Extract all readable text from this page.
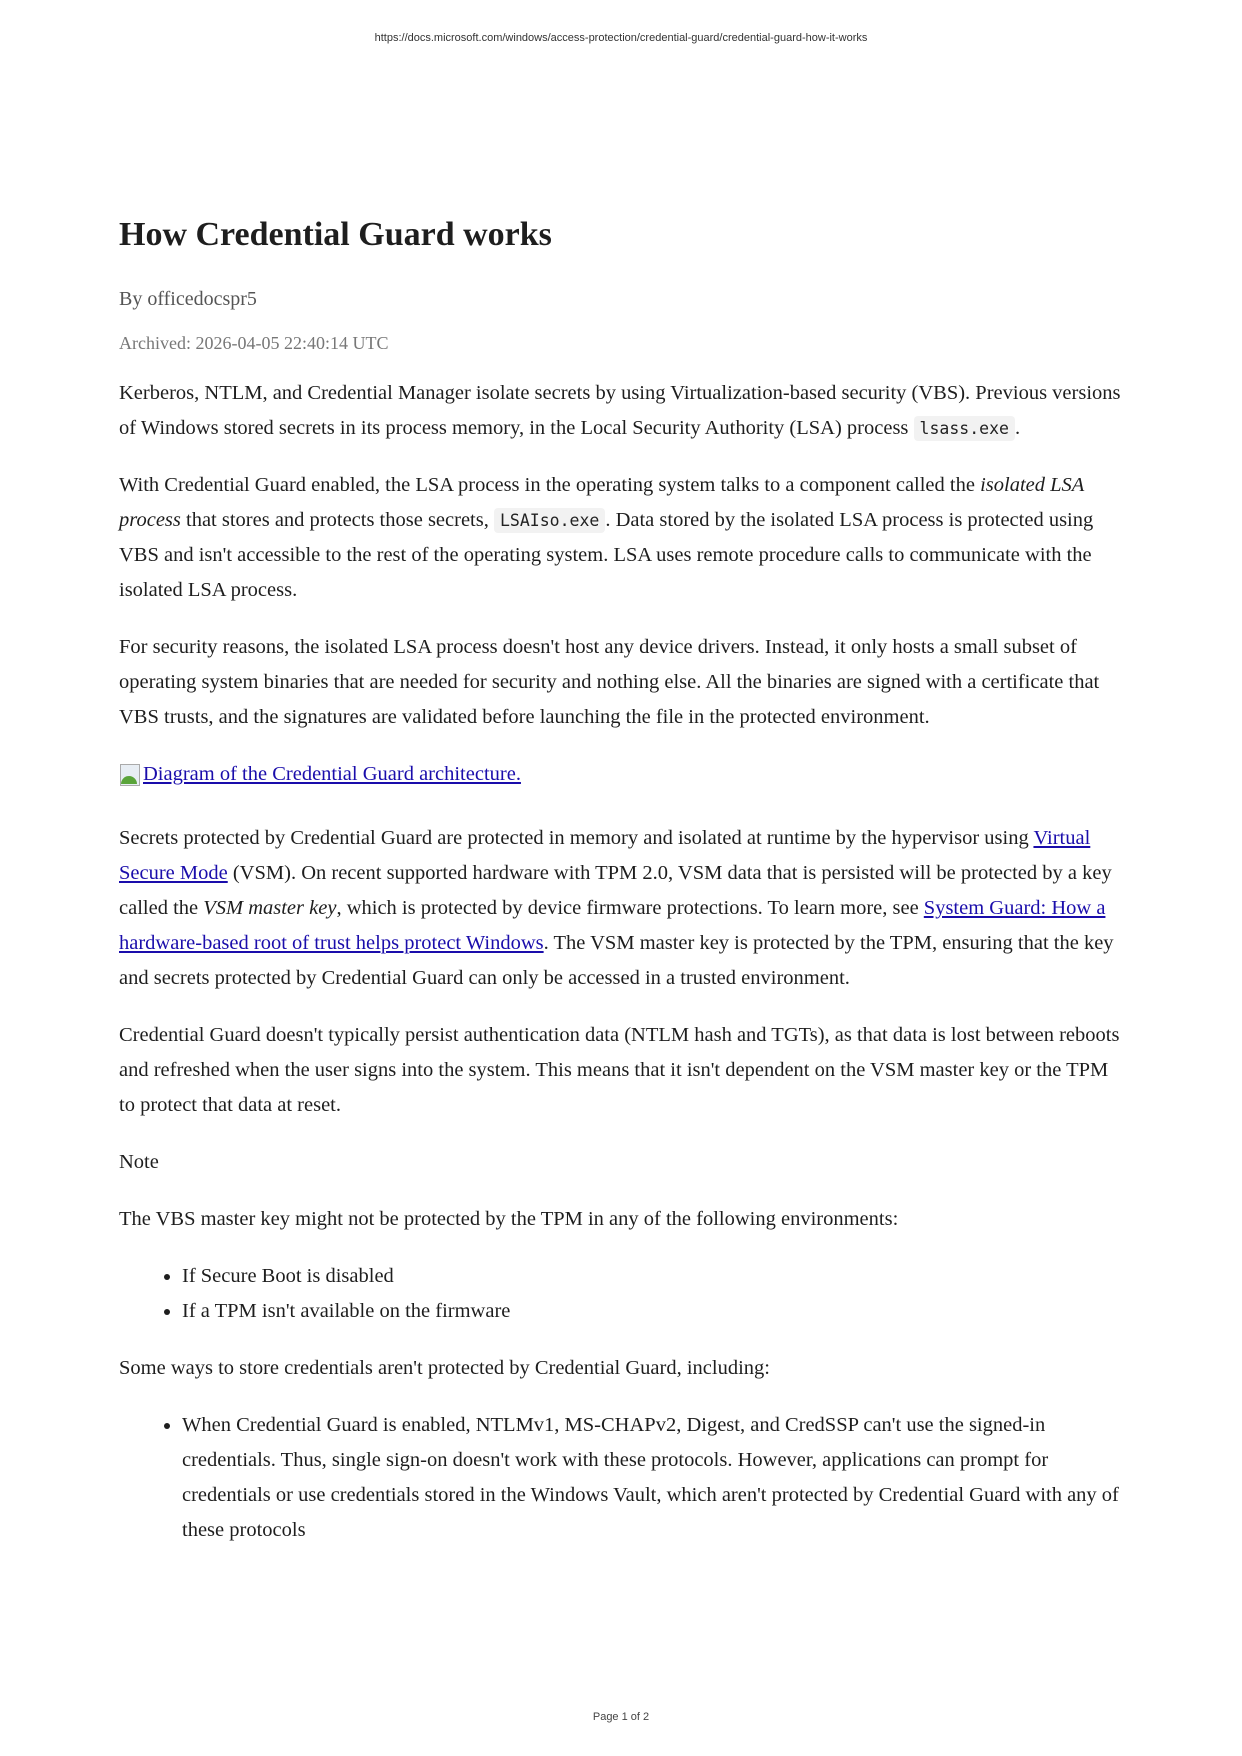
https://docs.microsoft.com/windows/access-protection/credential-guard/credential-guard-how-it-works
How Credential Guard works
By officedocspr5
Archived: 2026-04-05 22:40:14 UTC

Kerberos, NTLM, and Credential Manager isolate secrets by using Virtualization-based security (VBS). Previous versions of Windows stored secrets in its process memory, in the Local Security Authority (LSA) process lsass.exe .

With Credential Guard enabled, the LSA process in the operating system talks to a component called the isolated LSA process that stores and protects those secrets, LSAIso.exe . Data stored by the isolated LSA process is protected using VBS and isn't accessible to the rest of the operating system. LSA uses remote procedure calls to communicate with the isolated LSA process.

For security reasons, the isolated LSA process doesn't host any device drivers. Instead, it only hosts a small subset of operating system binaries that are needed for security and nothing else. All the binaries are signed with a certificate that VBS trusts, and the signatures are validated before launching the file in the protected environment.

Diagram of the Credential Guard architecture.

Secrets protected by Credential Guard are protected in memory and isolated at runtime by the hypervisor using Virtual Secure Mode (VSM). On recent supported hardware with TPM 2.0, VSM data that is persisted will be protected by a key called the VSM master key, which is protected by device firmware protections. To learn more, see System Guard: How a hardware-based root of trust helps protect Windows. The VSM master key is protected by the TPM, ensuring that the key and secrets protected by Credential Guard can only be accessed in a trusted environment.

Credential Guard doesn't typically persist authentication data (NTLM hash and TGTs), as that data is lost between reboots and refreshed when the user signs into the system. This means that it isn't dependent on the VSM master key or the TPM to protect that data at reset.

Note

The VBS master key might not be protected by the TPM in any of the following environments:

• If Secure Boot is disabled
• If a TPM isn't available on the firmware

Some ways to store credentials aren't protected by Credential Guard, including:

• When Credential Guard is enabled, NTLMv1, MS-CHAPv2, Digest, and CredSSP can't use the signed-in credentials. Thus, single sign-on doesn't work with these protocols. However, applications can prompt for credentials or use credentials stored in the Windows Vault, which aren't protected by Credential Guard with any of these protocols
Page 1 of 2
